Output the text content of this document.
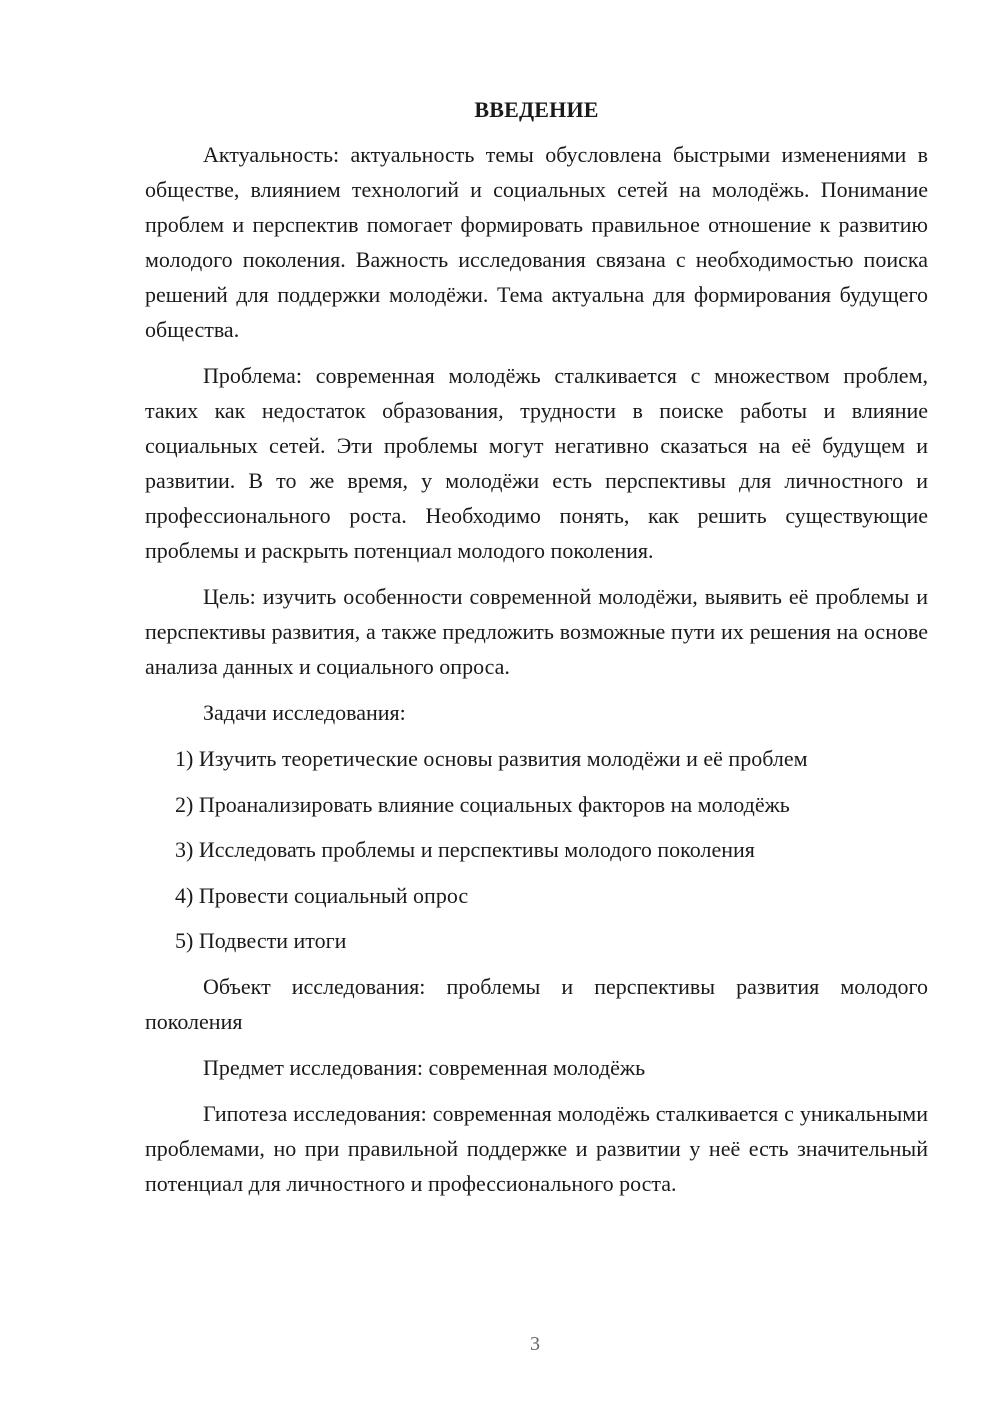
ВВЕДЕНИЕ

Актуальность: актуальность темы обусловлена быстрыми изменениями в обществе, влиянием технологий и социальных сетей на молодёжь. Понимание проблем и перспектив помогает формировать правильное отношение к развитию молодого поколения. Важность исследования связана с необходимостью поиска решений для поддержки молодёжи. Тема актуальна для формирования будущего общества.

Проблема: современная молодёжь сталкивается с множеством проблем, таких как недостаток образования, трудности в поиске работы и влияние социальных сетей. Эти проблемы могут негативно сказаться на её будущем и развитии. В то же время, у молодёжи есть перспективы для личностного и профессионального роста. Необходимо понять, как решить существующие проблемы и раскрыть потенциал молодого поколения.

Цель: изучить особенности современной молодёжи, выявить её проблемы и перспективы развития, а также предложить возможные пути их решения на основе анализа данных и социального опроса.

Задачи исследования:

1) Изучить теоретические основы развития молодёжи и её проблем
2) Проанализировать влияние социальных факторов на молодёжь
3) Исследовать проблемы и перспективы молодого поколения
4) Провести социальный опрос
5) Подвести итоги

Объект исследования: проблемы и перспективы развития молодого поколения

Предмет исследования: современная молодёжь

Гипотеза исследования: современная молодёжь сталкивается с уникальными проблемами, но при правильной поддержке и развитии у неё есть значительный потенциал для личностного и профессионального роста.

3
